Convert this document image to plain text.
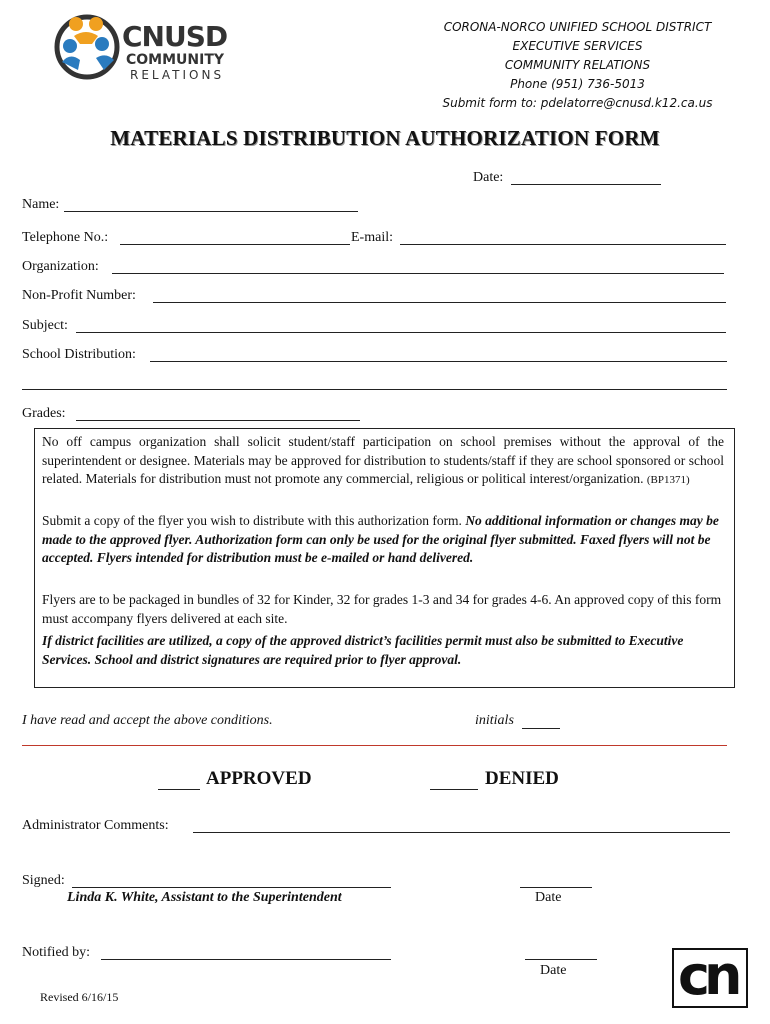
CNUSD
COMMUNITY
RELATIONS
CORONA-NORCO UNIFIED SCHOOL DISTRICT
EXECUTIVE SERVICES
COMMUNITY RELATIONS
Phone (951) 736-5013
Submit form to: pdelatorre@cnusd.k12.ca.us
MATERIALS DISTRIBUTION AUTHORIZATION FORM
Date:
Name:
Telephone No.:	E-mail:
Organization:
Non-Profit Number:
Subject:
School Distribution:
Grades:
No off campus organization shall solicit student/staff participation on school premises without the approval of the superintendent or designee. Materials may be approved for distribution to students/staff if they are school sponsored or school related. Materials for distribution must not promote any commercial, religious or political interest/organization. (BP1371)
Submit a copy of the flyer you wish to distribute with this authorization form. No additional information or changes may be made to the approved flyer. Authorization form can only be used for the original flyer submitted. Faxed flyers will not be accepted. Flyers intended for distribution must be e-mailed or hand delivered.
Flyers are to be packaged in bundles of 32 for Kinder, 32 for grades 1-3 and 34 for grades 4-6. An approved copy of this form must accompany flyers delivered at each site.
If district facilities are utilized, a copy of the approved district’s facilities permit must also be submitted to Executive Services. School and district signatures are required prior to flyer approval.
I have read and accept the above conditions.	initials
APPROVED	DENIED
Administrator Comments:
Signed:
Linda K. White, Assistant to the Superintendent	Date
Notified by:
Date
Revised 6/16/15	cn
